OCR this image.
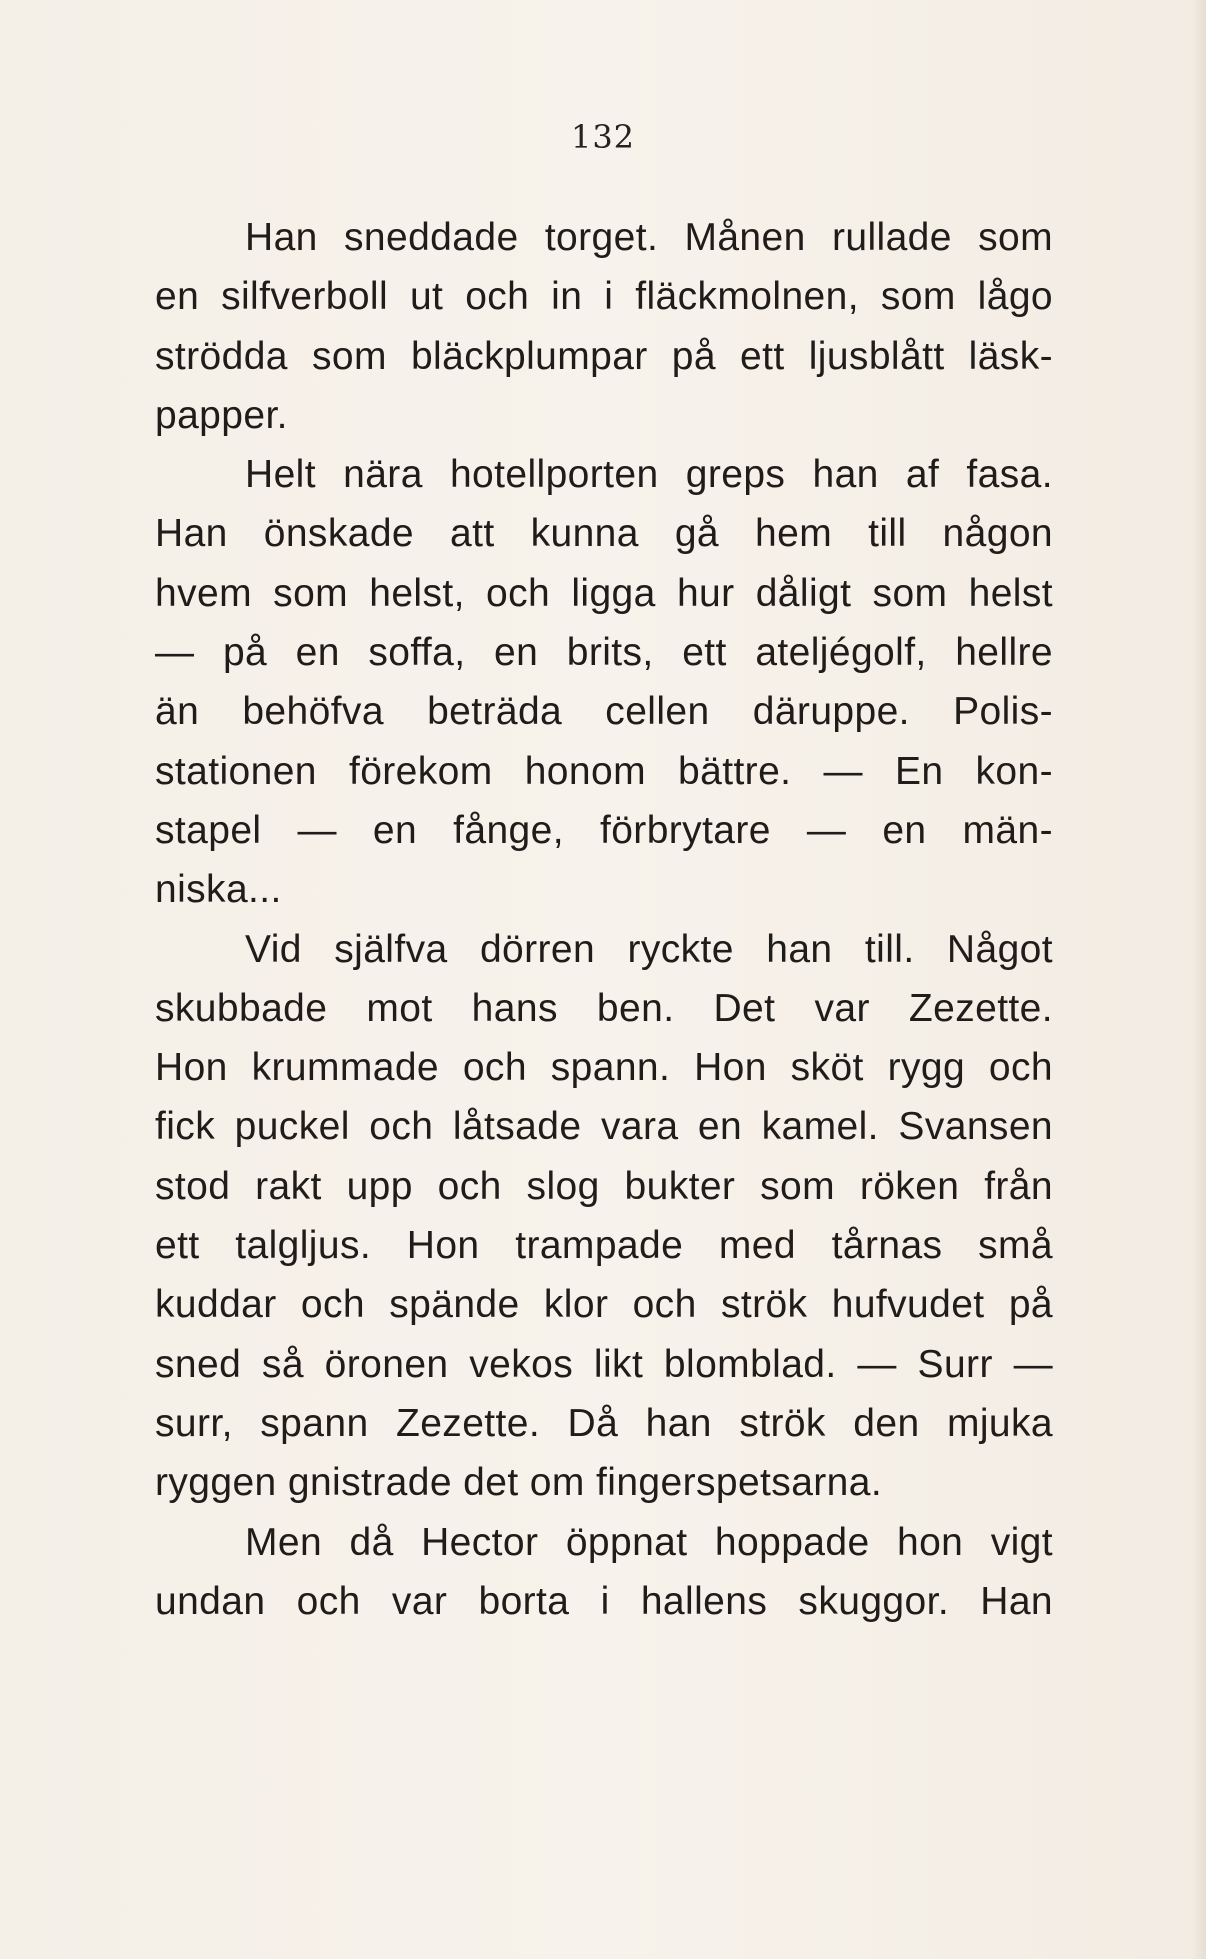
132
Han sneddade torget. Månen rullade som
en silfverboll ut och in i fläckmolnen, som lågo
strödda som bläckplumpar på ett ljusblått läsk-
papper.
Helt nära hotellporten greps han af fasa.
Han önskade att kunna gå hem till någon
hvem som helst, och ligga hur dåligt som helst
— på en soffa, en brits, ett ateljégolf, hellre
än behöfva beträda cellen däruppe. Polis-
stationen förekom honom bättre. — En kon-
stapel — en fånge, förbrytare — en män-
niska...
Vid själfva dörren ryckte han till. Något
skubbade mot hans ben. Det var Zezette.
Hon krummade och spann. Hon sköt rygg och
fick puckel och låtsade vara en kamel. Svansen
stod rakt upp och slog bukter som röken från
ett talgljus. Hon trampade med tårnas små
kuddar och spände klor och strök hufvudet på
sned så öronen vekos likt blomblad. — Surr —
surr, spann Zezette. Då han strök den mjuka
ryggen gnistrade det om fingerspetsarna.
Men då Hector öppnat hoppade hon vigt
undan och var borta i hallens skuggor. Han
